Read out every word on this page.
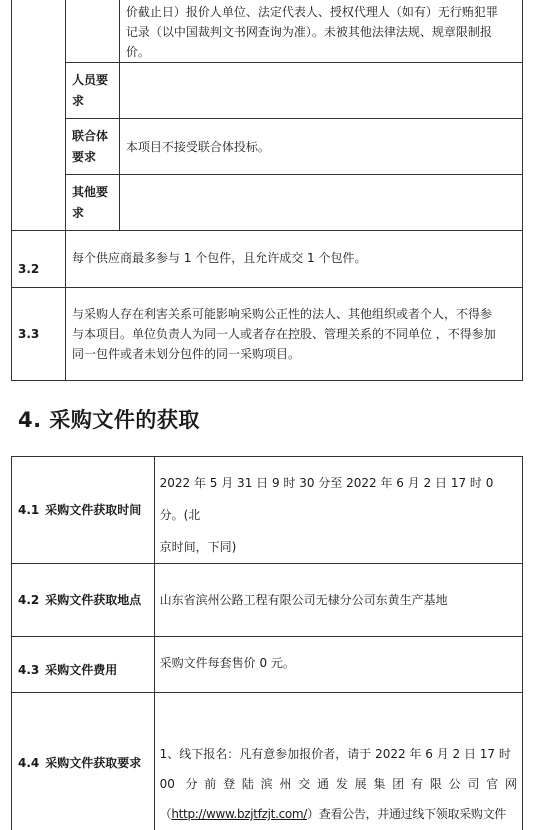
		价截止日）报价人单位、法定代表人、授权代理人（如有）无行贿犯罪
记录（以中国裁判文书网查询为准）。未被其他法律法规、规章限制报
价。

	人员要求	
	联合体要求	本项目不接受联合体投标。
	其他要求	
3.2	每个供应商最多参与 1 个包件，且允许成交 1 个包件。	
3.3	与采购人存在利害关系可能影响采购公正性的法人、其他组织或者个人，不得参
与本项目。单位负责人为同一人或者存在控股、管理关系的不同单位 ，不得参加
同一包件或者未划分包件的同一采购项目。	
4. 采购文件的获取
4.1 采购文件获取时间	2022 年 5 月 31 日 9 时 30 分至 2022 年 6 月 2 日 17 时 0 分。(北
京时间，下同)

4.2 采购文件获取地点	山东省滨州公路工程有限公司无棣分公司东黄生产基地

4.3 采购文件费用	采购文件每套售价 0 元。

4.4 采购文件获取要求	1、线下报名：凡有意参加报价者，请于 2022 年 6 月 2 日 17 时
00 分前登陆滨州交通发展集团有限公司官网
（http://www.bzjtfzjt.com/）查看公告，并通过线下领取采购文件
